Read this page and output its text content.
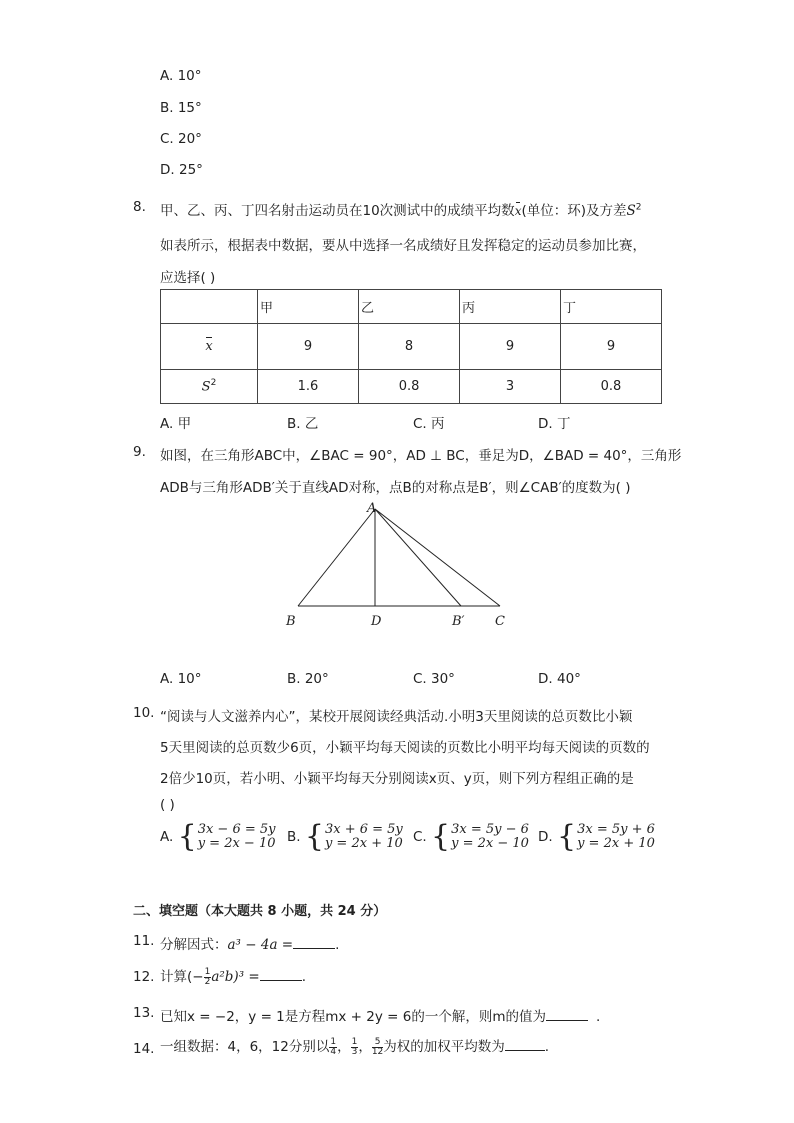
A. 10°
B. 15°
C. 20°
D. 25°
8. 甲、乙、丙、丁四名射击运动员在10次测试中的成绩平均数x(单位：环)及方差$S^2$
如表所示，根据表中数据，要从中选择一名成绩好且发挥稳定的运动员参加比赛，
应选择( )
	甲	乙	丙	丁
x	9	8	9	9
$S^2$	1.6	0.8	3	0.8
A. 甲	B. 乙	C. 丙	D. 丁
9. 如图，在三角形ABC中，∠BAC = 90°，AD ⊥ BC，垂足为D，∠BAD = 40°，三角形
ADB与三角形ADB′关于直线AD对称，点B的对称点是B′，则∠CAB′的度数为( )
A
B	D	B′ C
A. 10°	B. 20°	C. 30°	D. 40°
10. “阅读与人文滋养内心”，某校开展阅读经典活动.小明3天里阅读的总页数比小颖
5天里阅读的总页数少6页，小颖平均每天阅读的页数比小明平均每天阅读的页数的
2倍少10页，若小明、小颖平均每天分别阅读x页、y页，则下列方程组正确的是
( )
A. { 3x − 6 = 5y
y = 2x − 10 B. { 3x + 6 = 5y
y = 2x + 10 C. { 3x = 5y − 6
y = 2x − 10 D. { 3x = 5y + 6
y = 2x + 10
二、填空题（本大题共 8 小题，共 24 分）
11. 分解因式：a³ − 4a =	.
12. 计算(− $\frac{1}{2} a^2b)^3$ =	.
13. 已知x = −2，y = 1是方程mx + 2y = 6的一个解，则m的值为	.
14. 一组数据：4，6，12分别以 $\frac{1}{4}$ ， $\frac{1}{3}$ ， $\frac{5}{12}$ 为权的加权平均数为	.
